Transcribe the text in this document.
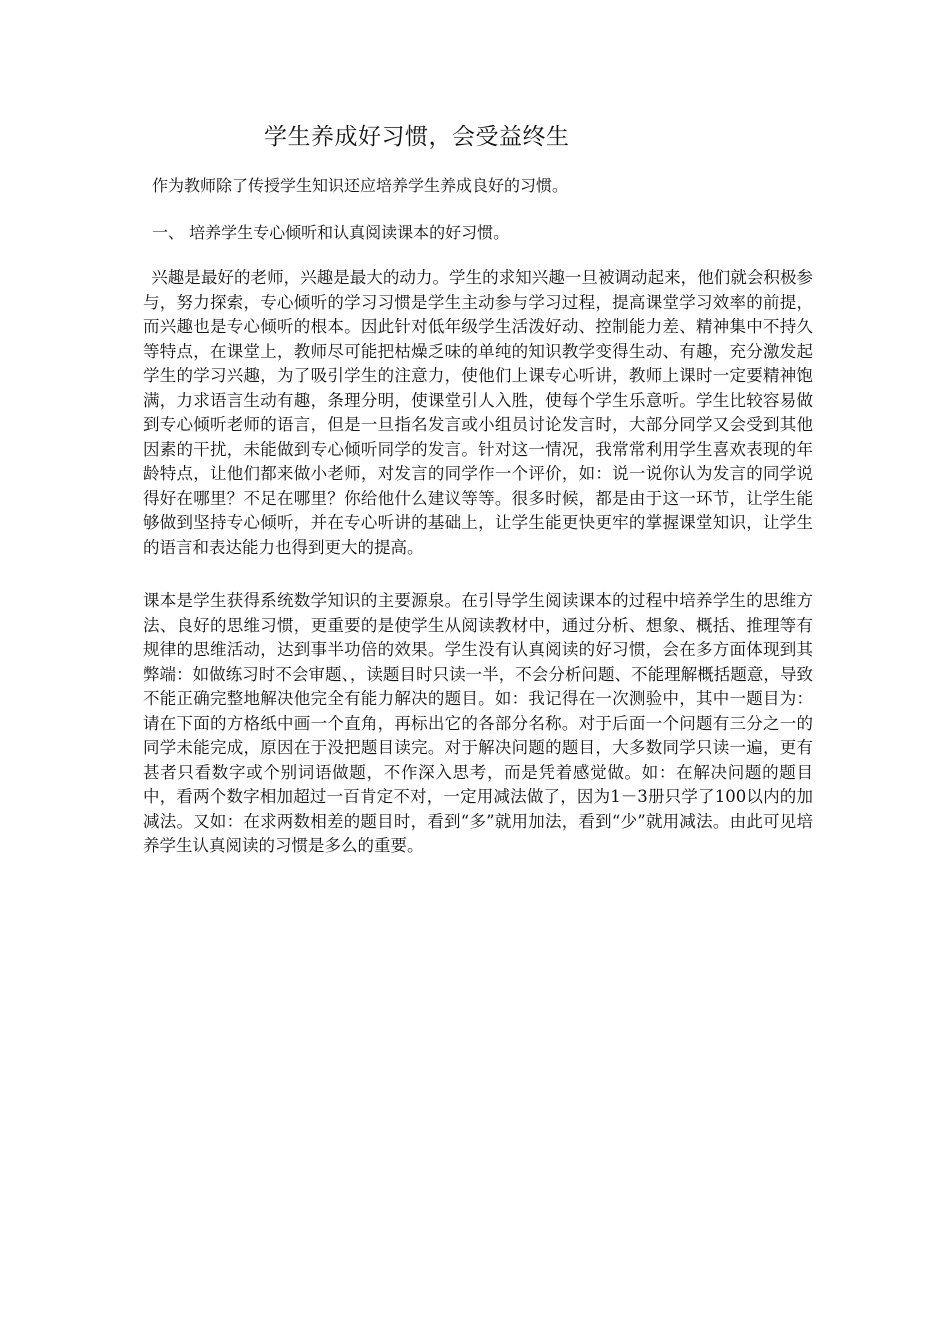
学生养成好习惯，会受益终生
作为教师除了传授学生知识还应培养学生养成良好的习惯。
一、 培养学生专心倾听和认真阅读课本的好习惯。
兴趣是最好的老师，兴趣是最大的动力。学生的求知兴趣一旦被调动起来，他们就会积极参与，努力探索，专心倾听的学习习惯是学生主动参与学习过程，提高课堂学习效率的前提，而兴趣也是专心倾听的根本。因此针对低年级学生活泼好动、控制能力差、精神集中不持久等特点，在课堂上，教师尽可能把枯燥乏味的单纯的知识教学变得生动、有趣，充分激发起学生的学习兴趣，为了吸引学生的注意力，使他们上课专心听讲，教师上课时一定要精神饱满，力求语言生动有趣，条理分明，使课堂引人入胜，使每个学生乐意听。学生比较容易做到专心倾听老师的语言，但是一旦指名发言或小组员讨论发言时，大部分同学又会受到其他因素的干扰，未能做到专心倾听同学的发言。针对这一情况，我常常利用学生喜欢表现的年龄特点，让他们都来做小老师，对发言的同学作一个评价，如：说一说你认为发言的同学说得好在哪里？不足在哪里？你给他什么建议等等。很多时候，都是由于这一环节，让学生能够做到坚持专心倾听，并在专心听讲的基础上，让学生能更快更牢的掌握课堂知识，让学生的语言和表达能力也得到更大的提高。
课本是学生获得系统数学知识的主要源泉。在引导学生阅读课本的过程中培养学生的思维方法、良好的思维习惯，更重要的是使学生从阅读教材中，通过分析、想象、概括、推理等有规律的思维活动，达到事半功倍的效果。学生没有认真阅读的好习惯，会在多方面体现到其弊端：如做练习时不会审题、，读题目时只读一半，不会分析问题、不能理解概括题意，导致不能正确完整地解决他完全有能力解决的题目。如：我记得在一次测验中，其中一题目为：请在下面的方格纸中画一个直角，再标出它的各部分名称。对于后面一个问题有三分之一的同学未能完成，原因在于没把题目读完。对于解决问题的题目，大多数同学只读一遍，更有甚者只看数字或个别词语做题，不作深入思考，而是凭着感觉做。如：在解决问题的题目中，看两个数字相加超过一百肯定不对，一定用减法做了，因为1－3册只学了100以内的加减法。又如：在求两数相差的题目时，看到“多”就用加法，看到“少”就用减法。由此可见培养学生认真阅读的习惯是多么的重要。
